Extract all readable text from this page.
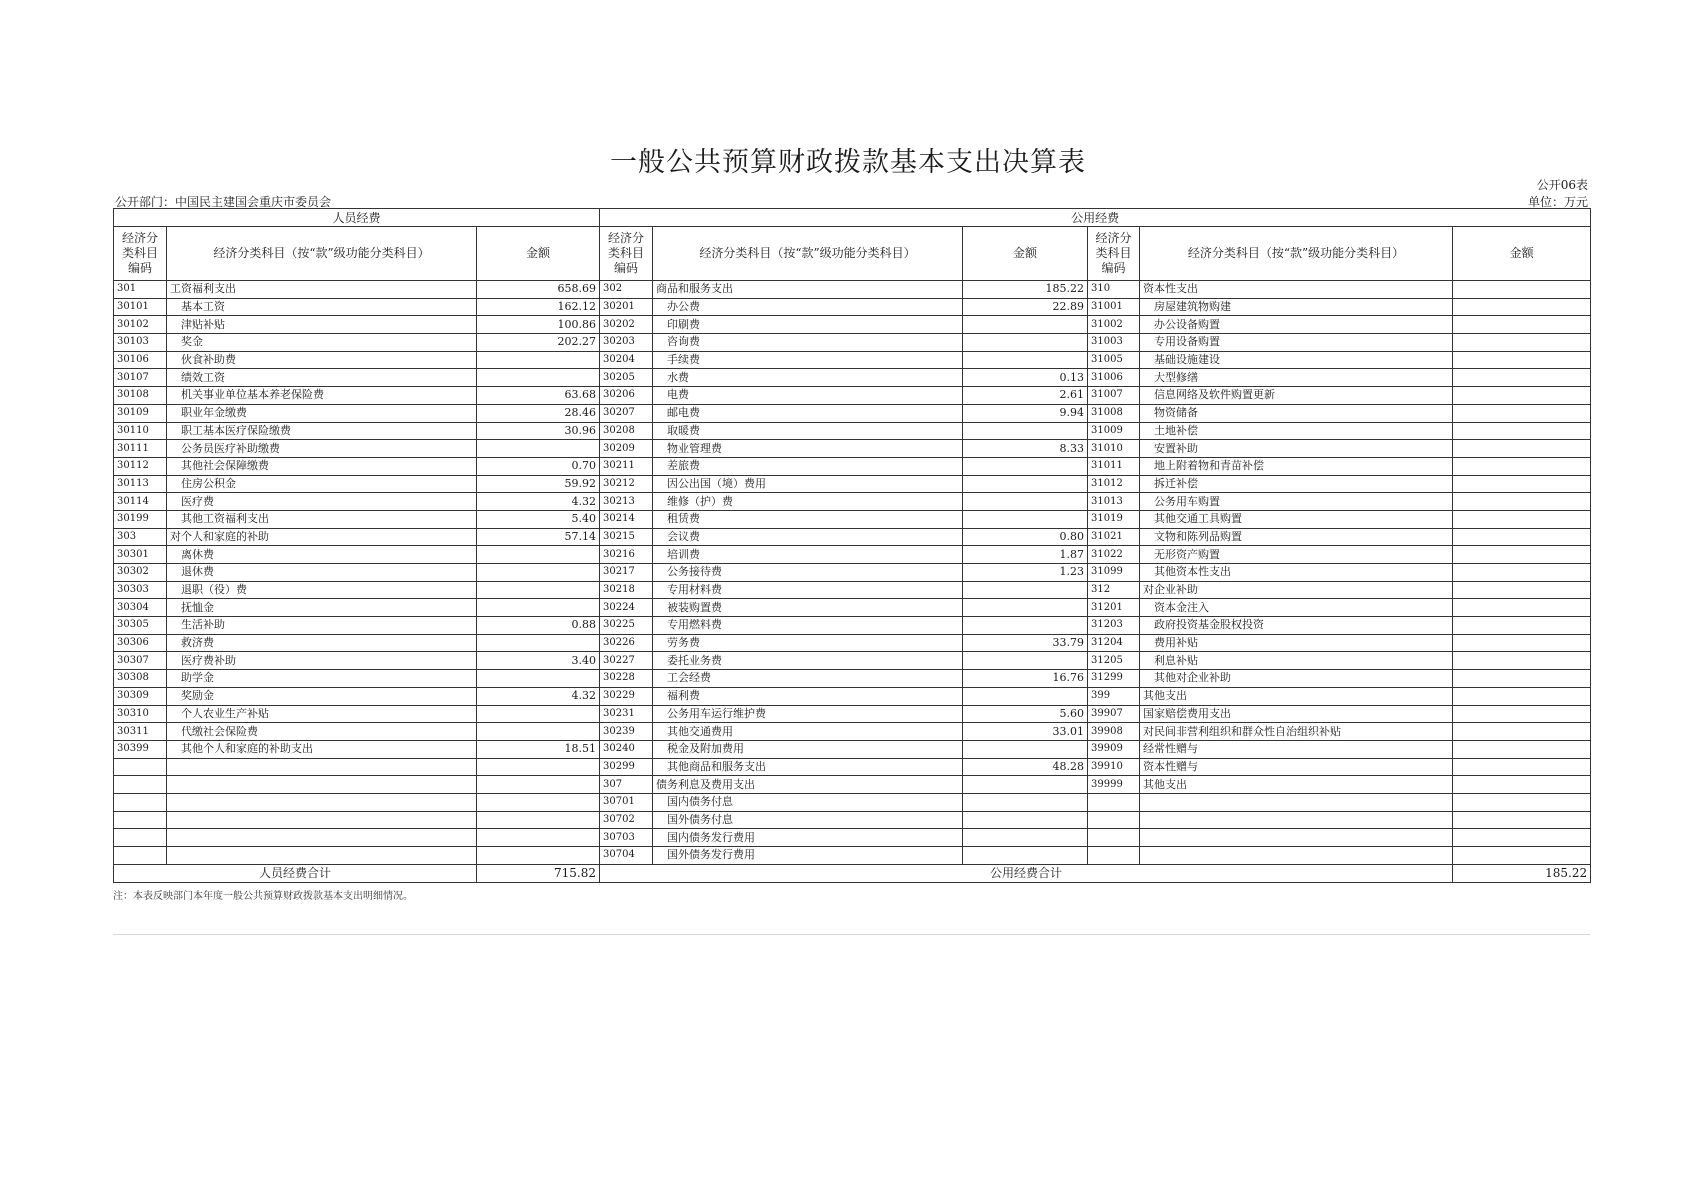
一般公共预算财政拨款基本支出决算表
公开06表
公开部门：中国民主建国会重庆市委员会	单位：万元
人员经费			公用经费					
经济分类科目编码	经济分类科目（按“款”级功能分类科目）	金额	经济分类科目编码	经济分类科目（按“款”级功能分类科目）	金额	经济分类科目编码	经济分类科目（按“款”级功能分类科目）	金额
301	工资福利支出	658.69	302	商品和服务支出	185.22	310	资本性支出	
30101	基本工资	162.12	30201	办公费	22.89	31001	房屋建筑物购建	
30102	津贴补贴	100.86	30202	印刷费		31002	办公设备购置	
30103	奖金	202.27	30203	咨询费		31003	专用设备购置	
30106	伙食补助费		30204	手续费		31005	基础设施建设	
30107	绩效工资		30205	水费	0.13	31006	大型修缮	
30108	机关事业单位基本养老保险费	63.68	30206	电费	2.61	31007	信息网络及软件购置更新	
30109	职业年金缴费	28.46	30207	邮电费	9.94	31008	物资储备	
30110	职工基本医疗保险缴费	30.96	30208	取暖费		31009	土地补偿	
30111	公务员医疗补助缴费		30209	物业管理费	8.33	31010	安置补助	
30112	其他社会保障缴费	0.70	30211	差旅费		31011	地上附着物和青苗补偿	
30113	住房公积金	59.92	30212	因公出国（境）费用		31012	拆迁补偿	
30114	医疗费	4.32	30213	维修（护）费		31013	公务用车购置	
30199	其他工资福利支出	5.40	30214	租赁费		31019	其他交通工具购置	
303	对个人和家庭的补助	57.14	30215	会议费	0.80	31021	文物和陈列品购置	
30301	离休费		30216	培训费	1.87	31022	无形资产购置	
30302	退休费		30217	公务接待费	1.23	31099	其他资本性支出	
30303	退职（役）费		30218	专用材料费		312	对企业补助	
30304	抚恤金		30224	被装购置费		31201	资本金注入	
30305	生活补助	0.88	30225	专用燃料费		31203	政府投资基金股权投资	
30306	救济费		30226	劳务费	33.79	31204	费用补贴	
30307	医疗费补助	3.40	30227	委托业务费		31205	利息补贴	
30308	助学金		30228	工会经费	16.76	31299	其他对企业补助	
30309	奖励金	4.32	30229	福利费		399	其他支出	
30310	个人农业生产补贴		30231	公务用车运行维护费	5.60	39907	国家赔偿费用支出	
30311	代缴社会保险费		30239	其他交通费用	33.01	39908	对民间非营利组织和群众性自治组织补贴	
30399	其他个人和家庭的补助支出	18.51	30240	税金及附加费用		39909	经常性赠与	
			30299	其他商品和服务支出	48.28	39910	资本性赠与	
			307	债务利息及费用支出		39999	其他支出	
			30701	国内债务付息				
			30702	国外债务付息				
			30703	国内债务发行费用				
			30704	国外债务发行费用				
人员经费合计		715.82	公用经费合计					185.22
注：本表反映部门本年度一般公共预算财政拨款基本支出明细情况。
